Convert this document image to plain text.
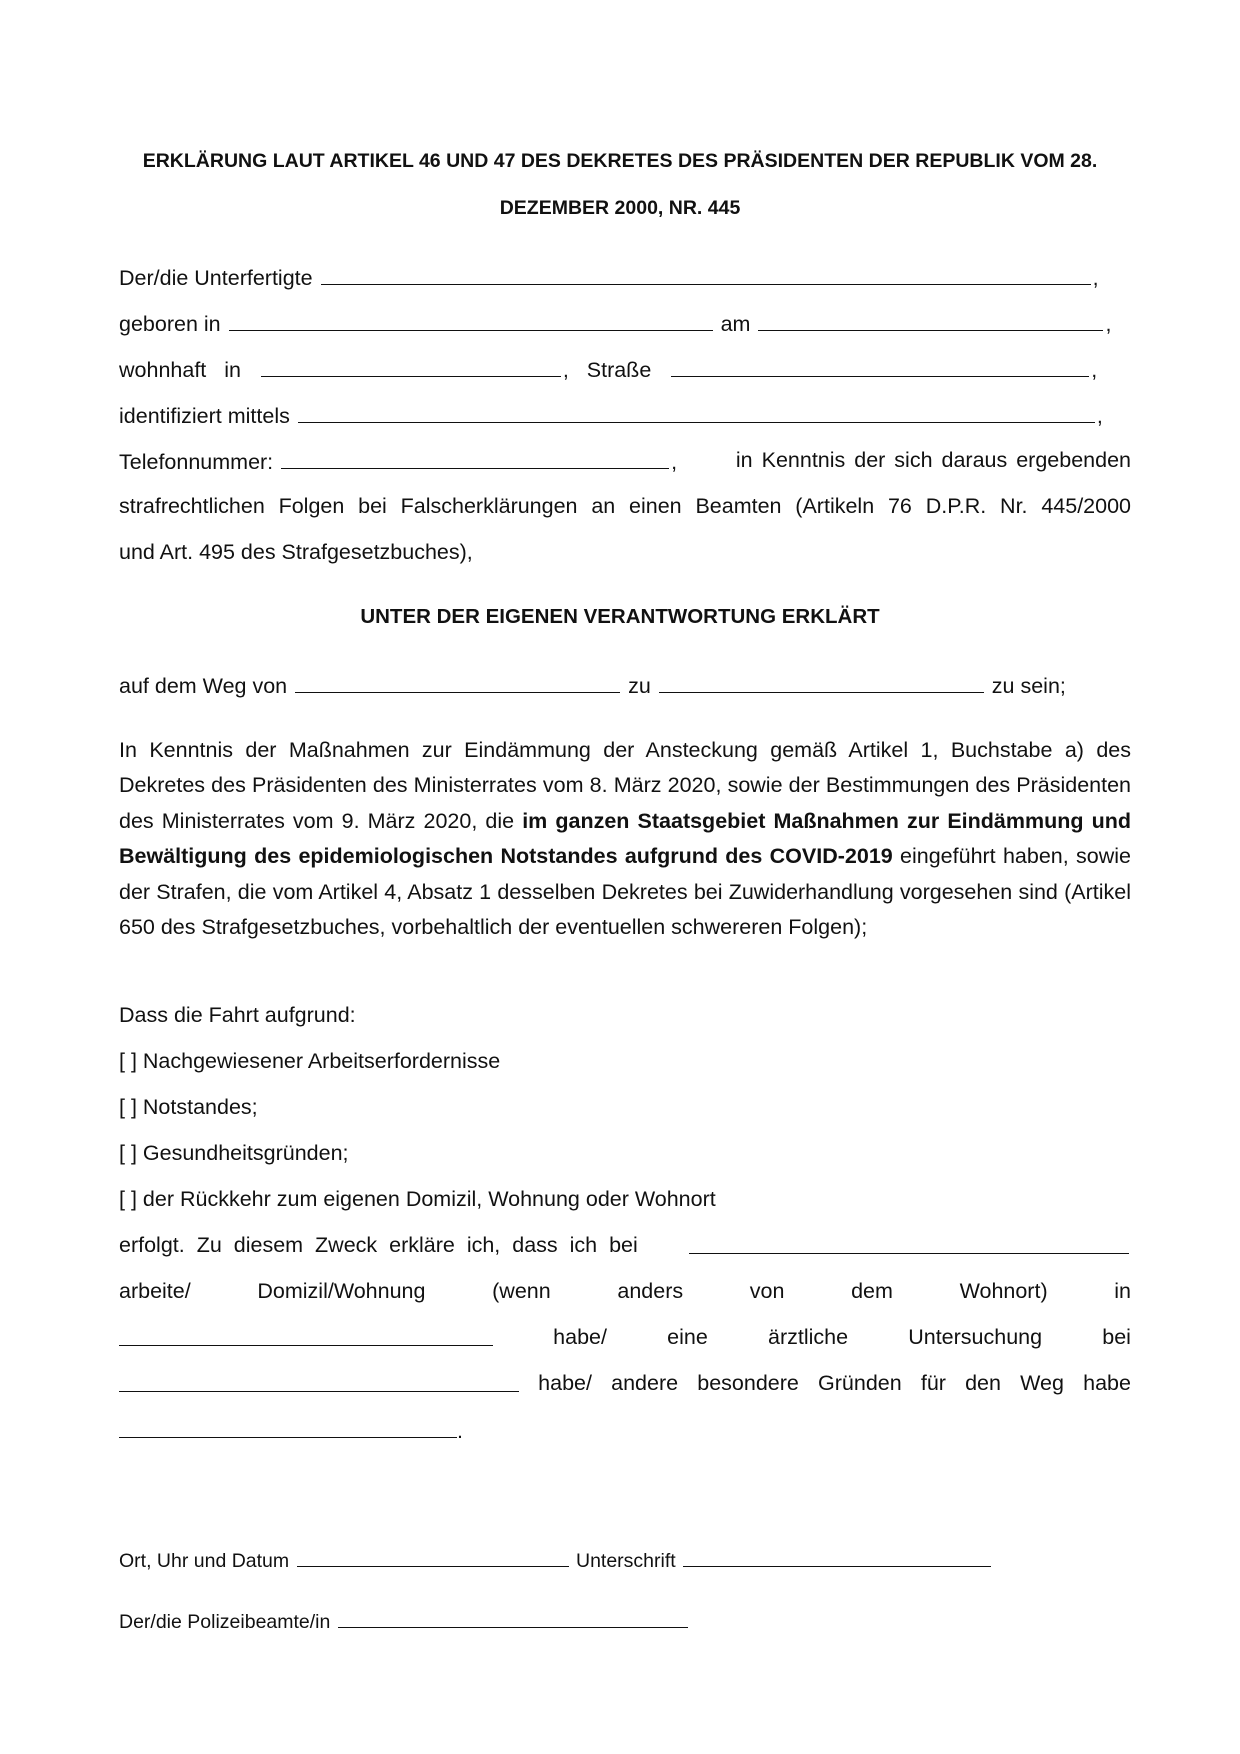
ERKLÄRUNG LAUT ARTIKEL 46 UND 47 DES DEKRETES DES PRÄSIDENTEN DER REPUBLIK VOM 28.
DEZEMBER 2000, NR. 445
Der/die Unterfertigte	,
geboren in	am	,
wohnhaft in	,   Straße	,
identifiziert mittels	,
Telefonnummer:	,	in Kenntnis der sich daraus ergebenden
strafrechtlichen Folgen bei Falscherklärungen an einen Beamten (Artikeln 76 D.P.R. Nr. 445/2000
und Art. 495 des Strafgesetzbuches),
UNTER DER EIGENEN VERANTWORTUNG ERKLÄRT
auf dem Weg von	zu	zu sein;
In Kenntnis der Maßnahmen zur Eindämmung der Ansteckung gemäß Artikel 1, Buchstabe a) des Dekretes des Präsidenten des Ministerrates vom 8. März 2020, sowie der Bestimmungen des Präsidenten des Ministerrates vom 9. März 2020, die im ganzen Staatsgebiet Maßnahmen zur Eindämmung und Bewältigung des epidemiologischen Notstandes aufgrund des COVID-2019 eingeführt haben, sowie der Strafen, die vom Artikel 4, Absatz 1 desselben Dekretes bei Zuwiderhandlung vorgesehen sind (Artikel 650 des Strafgesetzbuches, vorbehaltlich der eventuellen schwereren Folgen);
Dass die Fahrt aufgrund:
[ ] Nachgewiesener Arbeitserfordernisse
[ ] Notstandes;
[ ] Gesundheitsgründen;
[ ] der Rückkehr zum eigenen Domizil, Wohnung oder Wohnort
erfolgt. Zu diesem Zweck erkläre ich, dass ich bei
arbeite/	Domizil/Wohnung	(wenn	anders	von	dem	Wohnort)	in
habe/	eine	ärztliche	Untersuchung	bei
habe/ andere besondere Gründen für den Weg habe
.
Ort, Uhr und Datum	Unterschrift
Der/die Polizeibeamte/in
